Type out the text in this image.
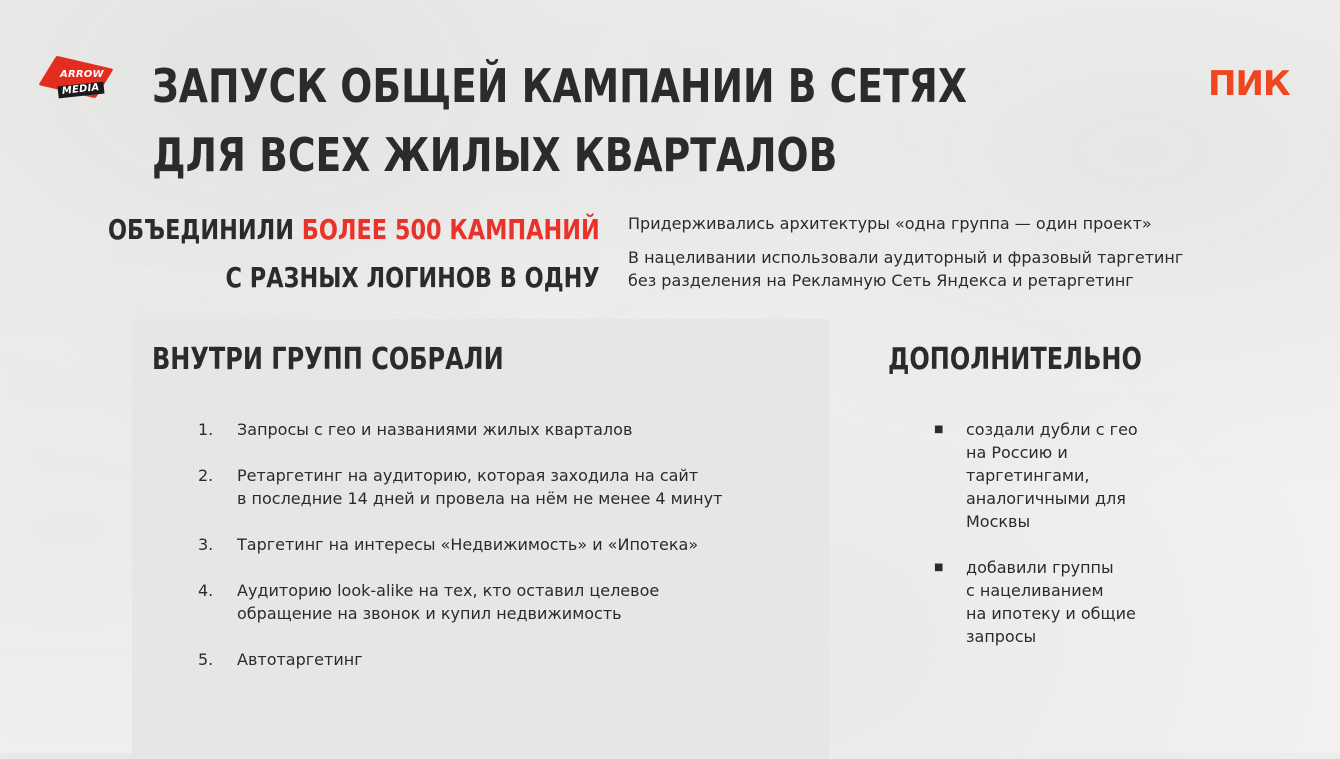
ARROW
MEDIA ЗАПУСК ОБЩЕЙ КАМПАНИИ В СЕТЯХ
ДЛЯ ВСЕХ ЖИЛЫХ КВАРТАЛОВ
ПИК
ОБЪЕДИНИЛИ БОЛЕЕ 500 КАМПАНИЙ
С РАЗНЫХ ЛОГИНОВ В ОДНУ

Придерживались архитектуры «одна группа — один проект»

В нацеливании использовали аудиторный и фразовый таргетинг
без разделения на Рекламную Сеть Яндекса и ретаргетинг

ВНУТРИ ГРУПП СОБРАЛИ
1.	Запросы с гео и названиями жилых кварталов
2.	Ретаргетинг на аудиторию, которая заходила на сайт
в последние 14 дней и провела на нём не менее 4 минут
3.	Таргетинг на интересы «Недвижимость» и «Ипотека»
4.	Аудиторию look-alike на тех, кто оставил целевое
обращение на звонок и купил недвижимость
5.	Автотаргетинг
ДОПОЛНИТЕЛЬНО
■	создали дубли с гео
на Россию и
таргетингами,
аналогичными для
Москвы
■	добавили группы
с нацеливанием
на ипотеку и общие
запросы
